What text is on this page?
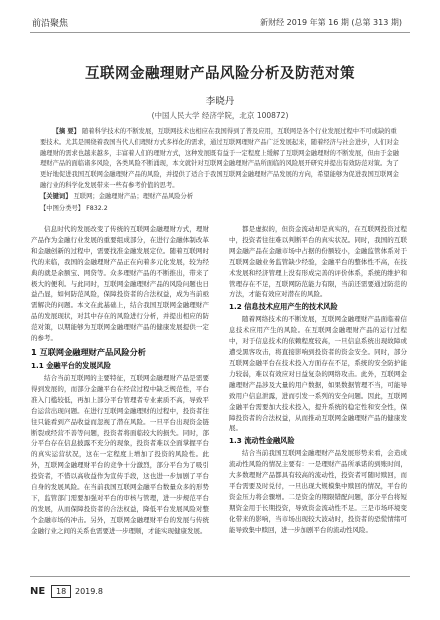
前沿聚焦	新财经 2019 年第 16 期 (总第 313 期)
互联网金融理财产品风险分析及防范对策
李晓丹
(中国人民大学 经济学院，北京 100872)
【摘 要】 随着科学技术的不断发展，互联网技术也相应在我国得到了普及应用，互联网是各个行业发展过程中不可或缺的重要技术。尤其是围绕着我国当代人们理财方式多样化的需求，通过互联网理财产品广泛发展起来，随着经济与社会进步，人们对金融理财的需求也越来越多，丰富着人们的理财方式，这种发展既有益于一定程度上缓解了互联网金融理财的不断发展，但由于金融理财产品的面临诸多风险，各类风险不断涌现，本文就针对互联网金融理财产品所面临的风险展开研究并提出有效防范对策。为了更好地促进我国互联网金融理财产品的风险，并提供了适合于我国互联网金融理财产品发展的方向，希望能够为促进我国互联网金融行业的科学化发展带来一些有参考价值的思考。
【关键词】 互联网；金融理财产品；理财产品风险分析
【中图分类号】 F832.2

信息时代的发展改变了传统的互联网金融理财方式，理财产品作为金融行业发展的重要组成部分，在进行金融体制改革和金融创新的过程中，需要找准金融发展定位。随着互联网时代的来临，我国的金融理财产品正在向着多元化发展，较为经典的就是余额宝、网贷等。众多理财产品的不断推出，带来了极大的便利。与此同时，互联网金融理财产品的风险问题也日益凸显，如何防范风险，保障投资者的合法权益，成为当前亟需解决的问题。本文在此基础上，结合我国互联网金融理财产品的发展现状，对其中存在的风险进行分析，并提出相应的防范对策，以期能够为互联网金融理财产品的健康发展提供一定的参考。

1 互联网金融理财产品风险分析
1.1 金融平台的发展风险

结合当前互联网的主要特征，互联网金融理财产品是需要得到发展的，而部分金融平台在经营过程中缺乏规范性，平台准入门槛较低，再加上部分平台管理者专业素质不高，导致平台运营出现问题。在进行互联网金融理财的过程中，投资者往往只能看到产品收益而忽视了潜在风险。一旦平台出现资金链断裂或经营不善等问题，投资者将面临较大的损失。同时，部分平台存在信息披露不充分的现象，投资者难以全面掌握平台的真实运营状况，这在一定程度上增加了投资的风险性。此外，互联网金融理财平台的竞争十分激烈，部分平台为了吸引投资者，不惜以高收益作为宣传手段，这也进一步加剧了平台自身的发展风险。在当前我国互联网金融平台数量众多的形势下，监管部门需要加强对平台的审核与管理，进一步规范平台的发展，从而保障投资者的合法权益，降低平台发展风险对整个金融市场的冲击。另外，互联网金融理财平台的发展与传统金融行业之间的关系也需要进一步理顺，才能实现健康发展。

都是虚拟的，但资金流动却是真实的，在互联网投资过程中，投资者往往难以判断平台的真实状况。同时，我国的互联网金融产品在金融市场中占据的份额较小，金融监管体系对于互联网金融业务监管缺少经验，金融平台的整体性不高，在技术发展和经济管理上没有形成完善的评价体系，系统的维护和管理存在不足，互联网防范能力有限，当前还需要通过防范的方法，才能有效应对潜在的风险。

1.2 信息技术应用产生的技术风险

随着网络技术的不断发展，互联网金融理财产品面临着信息技术应用产生的风险。在互联网金融理财产品的运行过程中，对于信息技术的依赖程度较高，一旦信息系统出现故障或遭受黑客攻击，将直接影响到投资者的资金安全。同时，部分互联网金融平台在技术投入方面存在不足，系统的安全防护能力较弱，难以有效应对日益复杂的网络攻击。此外，互联网金融理财产品涉及大量的用户数据，如果数据管理不当，可能导致用户信息泄露，进而引发一系列的安全问题。因此，互联网金融平台需要加大技术投入，提升系统的稳定性和安全性，保障投资者的合法权益，从而推动互联网金融理财产品的健康发展。

1.3 流动性金融风险

结合当前我国互联网金融理财产品发展形势来看，会造成流动性风险的情况主要有：一是理财产品所承诺的到账时间，大多数理财产品都具有较高的流动性，投资者可随时赎回，而平台需要及时兑付，一旦出现大规模集中赎回的情况，平台的资金压力将会骤增。二是资金的期限错配问题，部分平台将短期资金用于长期投资，导致资金流动性不足。三是市场环境变化带来的影响，当市场出现较大波动时，投资者的恐慌情绪可能导致集中赎回，进一步加剧平台的流动性风险。

NE	18	2019.8
